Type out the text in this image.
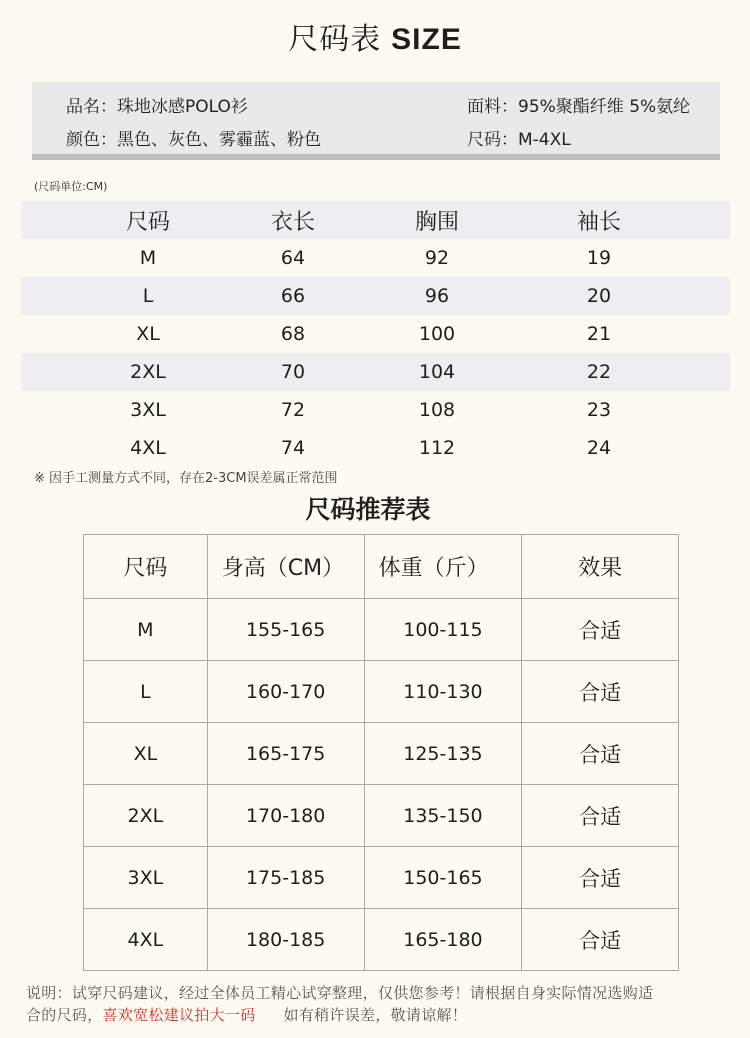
尺码表 SIZE
品名：珠地冰感POLO衫
颜色：黑色、灰色、雾霾蓝、粉色
面料：95%聚酯纤维 5%氨纶
尺码：M-4XL
(尺码单位:CM)
尺码	衣长	胸围	袖长
M	64	92	19
L	66	96	20
XL	68	100	21
2XL	70	104	22
3XL	72	108	23
4XL	74	112	24
※ 因手工测量方式不同，存在2-3CM误差属正常范围
尺码推荐表
尺码	身高（CM）	体重（斤）	效果
M	155-165	100-115	合适
L	160-170	110-130	合适
XL	165-175	125-135	合适
2XL	170-180	135-150	合适
3XL	175-185	150-165	合适
4XL	180-185	165-180	合适
说明：试穿尺码建议，经过全体员工精心试穿整理，仅供您参考！请根据自身实际情况选购适
合的尺码，喜欢宽松建议拍大一码 如有稍许误差，敬请谅解！
